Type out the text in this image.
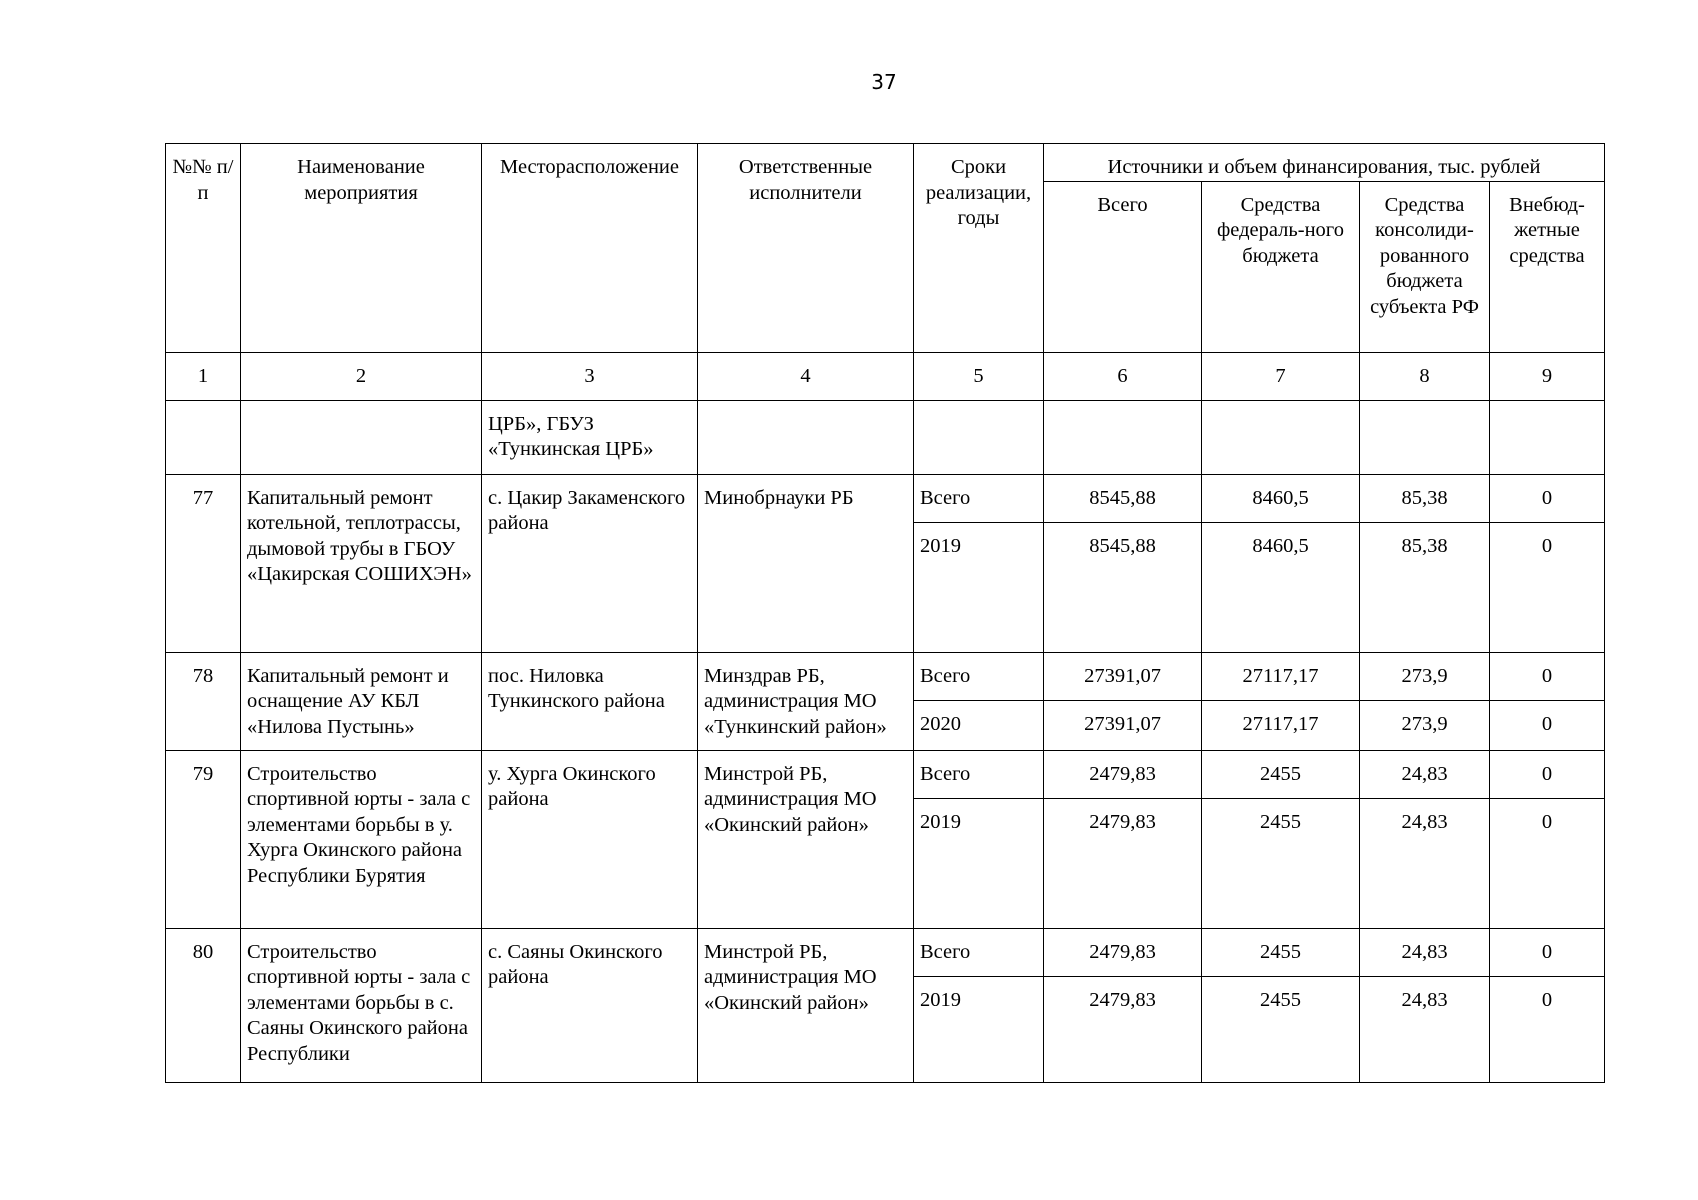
37
№№ п/п	Наименование мероприятия	Месторасположение	Ответственные исполнители	Сроки реализации, годы	Источники и объем финансирования, тыс. рублей			
					Всего	Средства федераль-ного бюджета	Средства консолиди-рованного бюджета субъекта РФ	Внебюд-жетные средства
1	2	3	4	5	6	7	8	9
		ЦРБ», ГБУЗ «Тункинская ЦРБ»						
77	Капитальный ремонт котельной, теплотрассы, дымовой трубы в ГБОУ «Цакирская СОШИХЭН»	с. Цакир Закаменского района	Минобрнауки РБ	Всего	8545,88	8460,5	85,38	0
				2019	8545,88	8460,5	85,38	0
78	Капитальный ремонт и оснащение АУ КБЛ «Нилова Пустынь»	пос. Ниловка Тункинского района	Минздрав РБ, администрация МО «Тункинский район»	Всего	27391,07	27117,17	273,9	0
				2020	27391,07	27117,17	273,9	0
79	Строительство спортивной юрты - зала с элементами борьбы в у. Хурга Окинского района Республики Бурятия	у. Хурга Окинского района	Минстрой РБ, администрация МО «Окинский район»	Всего	2479,83	2455	24,83	0
				2019	2479,83	2455	24,83	0
80	Строительство спортивной юрты - зала с элементами борьбы в с. Саяны Окинского района Республики	с. Саяны Окинского района	Минстрой РБ, администрация МО «Окинский район»	Всего	2479,83	2455	24,83	0
				2019	2479,83	2455	24,83	0
